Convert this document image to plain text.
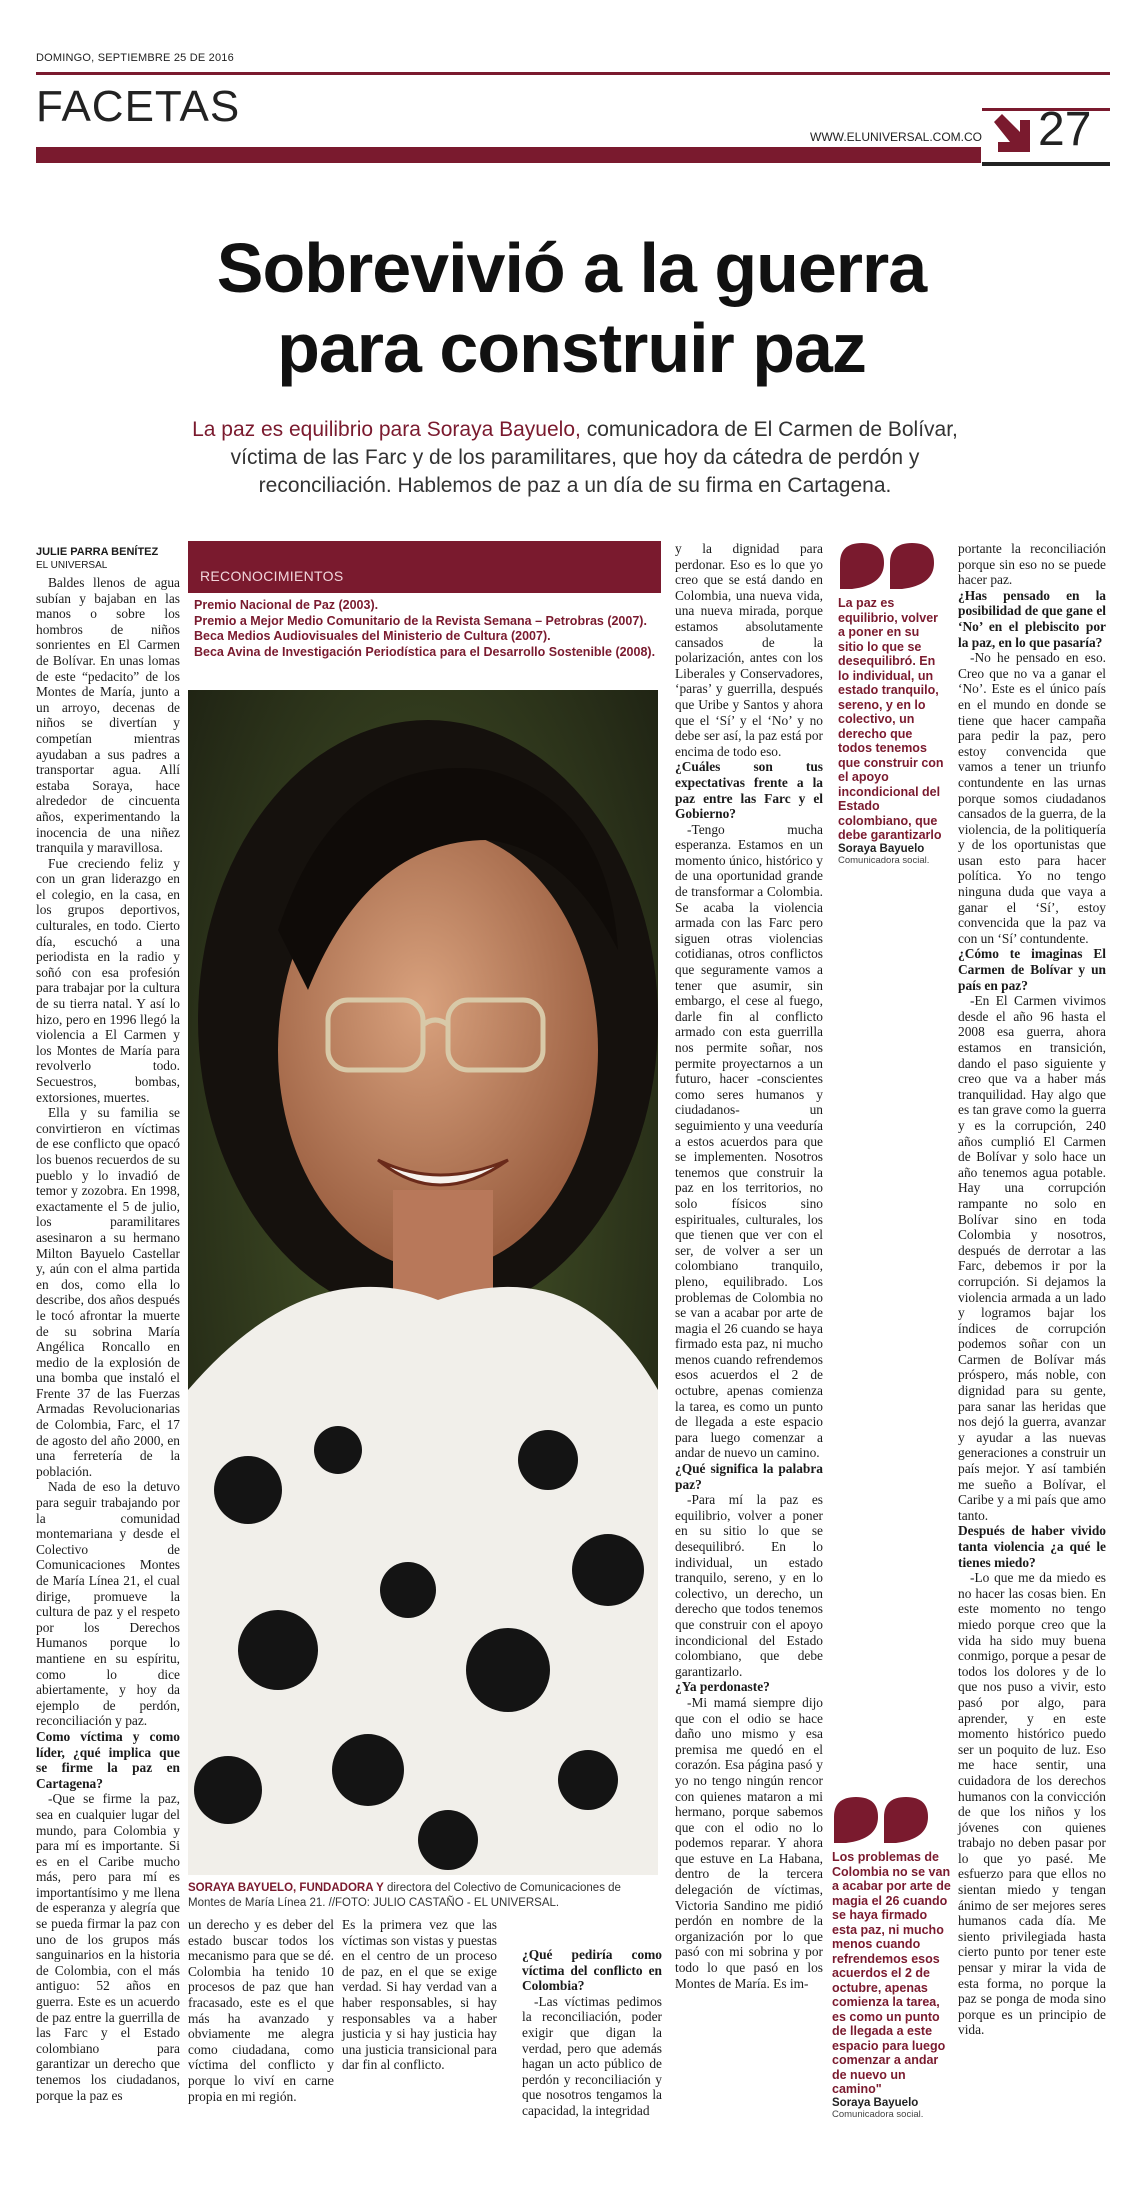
DOMINGO, SEPTIEMBRE 25 DE 2016
FACETAS
WWW.ELUNIVERSAL.COM.CO 27
Sobrevivió a la guerra
para construir paz
La paz es equilibrio para Soraya Bayuelo, comunicadora de El Carmen de Bolívar, víctima de las Farc y de los paramilitares, que hoy da cátedra de perdón y reconciliación. Hablemos de paz a un día de su firma en Cartagena.
JULIE PARRA BENÍTEZ
EL UNIVERSAL

Baldes llenos de agua subían y bajaban en las manos o sobre los hombros de niños sonrientes en El Carmen de Bolívar. En unas lomas de este “pedacito” de los Montes de María, junto a un arroyo, decenas de niños se divertían y competían mientras ayudaban a sus padres a transportar agua. Allí estaba Soraya, hace alrededor de cincuenta años, experimentando la inocencia de una niñez tranquila y maravillosa.

Fue creciendo feliz y con un gran liderazgo en el colegio, en la casa, en los grupos deportivos, culturales, en todo. Cierto día, escuchó a una periodista en la radio y soñó con esa profesión para trabajar por la cultura de su tierra natal. Y así lo hizo, pero en 1996 llegó la violencia a El Carmen y los Montes de María para revolverlo todo. Secuestros, bombas, extorsiones, muertes.

Ella y su familia se convirtieron en víctimas de ese conflicto que opacó los buenos recuerdos de su pueblo y lo invadió de temor y zozobra. En 1998, exactamente el 5 de julio, los paramilitares asesinaron a su hermano Milton Bayuelo Castellar y, aún con el alma partida en dos, como ella lo describe, dos años después le tocó afrontar la muerte de su sobrina María Angélica Roncallo en medio de la explosión de una bomba que instaló el Frente 37 de las Fuerzas Armadas Revolucionarias de Colombia, Farc, el 17 de agosto del año 2000, en una ferretería de la población.

Nada de eso la detuvo para seguir trabajando por la comunidad montemariana y desde el Colectivo de Comunicaciones Montes de María Línea 21, el cual dirige, promueve la cultura de paz y el respeto por los Derechos Humanos porque lo mantiene en su espíritu, como lo dice abiertamente, y hoy da ejemplo de perdón, reconciliación y paz.

Como víctima y como líder, ¿qué implica que se firme la paz en Cartagena?

-Que se firme la paz, sea en cualquier lugar del mundo, para Colombia y para mí es importante. Si es en el Caribe mucho más, pero para mí es importantísimo y me llena de esperanza y alegría que se pueda firmar la paz con uno de los grupos más sanguinarios en la historia de Colombia, con el más antiguo: 52 años en guerra. Este es un acuerdo de paz entre la guerrilla de las Farc y el Estado colombiano para garantizar un derecho que tenemos los ciudadanos, porque la paz es

RECONOCIMIENTOS
Premio Nacional de Paz (2003).
Premio a Mejor Medio Comunitario de la Revista Semana – Petrobras (2007).
Beca Medios Audiovisuales del Ministerio de Cultura (2007).
Beca Avina de Investigación Periodística para el Desarrollo Sostenible (2008).
SORAYA BAYUELO, FUNDADORA Y directora del Colectivo de Comunicaciones de Montes de María Línea 21. //FOTO: JULIO CASTAÑO - EL UNIVERSAL.

un derecho y es deber del estado buscar todos los mecanismo para que se dé. Colombia ha tenido 10 procesos de paz que han fracasado, este es el que más ha avanzado y obviamente me alegra como ciudadana, como víctima del conflicto y porque lo viví en carne propia en mi región.

Es la primera vez que las víctimas son vistas y puestas en el centro de un proceso de paz, en el que se exige verdad. Si hay verdad van a haber responsables, si hay responsables va a haber justicia y si hay justicia hay una justicia transicional para dar fin al conflicto.

¿Qué pediría como víctima del conflicto en Colombia?

-Las víctimas pedimos la reconciliación, poder exigir que digan la verdad, pero que además hagan un acto público de perdón y reconciliación y que nosotros tengamos la capacidad, la integridad

y la dignidad para perdonar. Eso es lo que yo creo que se está dando en Colombia, una nueva vida, una nueva mirada, porque estamos absolutamente cansados de la polarización, antes con los Liberales y Conservadores, ‘paras’ y guerrilla, después que Uribe y Santos y ahora que el ‘Sí’ y el ‘No’ y no debe ser así, la paz está por encima de todo eso.

¿Cuáles son tus expectativas frente a la paz entre las Farc y el Gobierno?

-Tengo mucha esperanza. Estamos en un momento único, histórico y de una oportunidad grande de transformar a Colombia. Se acaba la violencia armada con las Farc pero siguen otras violencias cotidianas, otros conflictos que seguramente vamos a tener que asumir, sin embargo, el cese al fuego, darle fin al conflicto armado con esta guerrilla nos permite soñar, nos permite proyectarnos a un futuro, hacer -conscientes como seres humanos y ciudadanos- un seguimiento y una veeduría a estos acuerdos para que se implementen. Nosotros tenemos que construir la paz en los territorios, no solo físicos sino espirituales, culturales, los que tienen que ver con el ser, de volver a ser un colombiano tranquilo, pleno, equilibrado. Los problemas de Colombia no se van a acabar por arte de magia el 26 cuando se haya firmado esta paz, ni mucho menos cuando refrendemos esos acuerdos el 2 de octubre, apenas comienza la tarea, es como un punto de llegada a este espacio para luego comenzar a andar de nuevo un camino.

¿Qué significa la palabra paz?

-Para mí la paz es equilibrio, volver a poner en su sitio lo que se desequilibró. En lo individual, un estado tranquilo, sereno, y en lo colectivo, un derecho, un derecho que todos tenemos que construir con el apoyo incondicional del Estado colombiano, que debe garantizarlo.

¿Ya perdonaste?

-Mi mamá siempre dijo que con el odio se hace daño uno mismo y esa premisa me quedó en el corazón. Esa página pasó y yo no tengo ningún rencor con quienes mataron a mi hermano, porque sabemos que con el odio no lo podemos reparar. Y ahora que estuve en La Habana, dentro de la tercera delegación de víctimas, Victoria Sandino me pidió perdón en nombre de la organización por lo que pasó con mi sobrina y por todo lo que pasó en los Montes de María. Es im-

La paz es equilibrio, volver a poner en su sitio lo que se desequilibró. En lo individual, un estado tranquilo, sereno, y en lo colectivo, un derecho que todos tenemos que construir con el apoyo incondicional del Estado colombiano, que debe garantizarlo
Soraya Bayuelo
Comunicadora social.

portante la reconciliación porque sin eso no se puede hacer paz.

¿Has pensado en la posibilidad de que gane el ‘No’ en el plebiscito por la paz, en lo que pasaría?

-No he pensado en eso. Creo que no va a ganar el ‘No’. Este es el único país en el mundo en donde se tiene que hacer campaña para pedir la paz, pero estoy convencida que vamos a tener un triunfo contundente en las urnas porque somos ciudadanos cansados de la guerra, de la violencia, de la politiquería y de los oportunistas que usan esto para hacer política. Yo no tengo ninguna duda que vaya a ganar el ‘Sí’, estoy convencida que la paz va con un ‘Sí’ contundente.

¿Cómo te imaginas El Carmen de Bolívar y un país en paz?

-En El Carmen vivimos desde el año 96 hasta el 2008 esa guerra, ahora estamos en transición, dando el paso siguiente y creo que va a haber más tranquilidad. Hay algo que es tan grave como la guerra y es la corrupción, 240 años cumplió El Carmen de Bolívar y solo hace un año tenemos agua potable. Hay una corrupción rampante no solo en Bolívar sino en toda Colombia y nosotros, después de derrotar a las Farc, debemos ir por la corrupción. Si dejamos la violencia armada a un lado y logramos bajar los índices de corrupción podemos soñar con un Carmen de Bolívar más próspero, más noble, con dignidad para su gente, para sanar las heridas que nos dejó la guerra, avanzar y ayudar a las nuevas generaciones a construir un país mejor. Y así también me sueño a Bolívar, el Caribe y a mi país que amo tanto.

Después de haber vivido tanta violencia ¿a qué le tienes miedo?

-Lo que me da miedo es no hacer las cosas bien. En este momento no tengo miedo porque creo que la vida ha sido muy buena conmigo, porque a pesar de todos los dolores y de lo que nos puso a vivir, esto pasó por algo, para aprender, y en este momento histórico puedo ser un poquito de luz. Eso me hace sentir, una cuidadora de los derechos humanos con la convicción de que los niños y los jóvenes con quienes trabajo no deben pasar por lo que yo pasé. Me esfuerzo para que ellos no sientan miedo y tengan ánimo de ser mejores seres humanos cada día. Me siento privilegiada hasta cierto punto por tener este pensar y mirar la vida de esta forma, no porque la paz se ponga de moda sino porque es un principio de vida.

Los problemas de Colombia no se van a acabar por arte de magia el 26 cuando se haya firmado esta paz, ni mucho menos cuando refrendemos esos acuerdos el 2 de octubre, apenas comienza la tarea, es como un punto de llegada a este espacio para luego comenzar a andar de nuevo un camino"
Soraya Bayuelo
Comunicadora social.
